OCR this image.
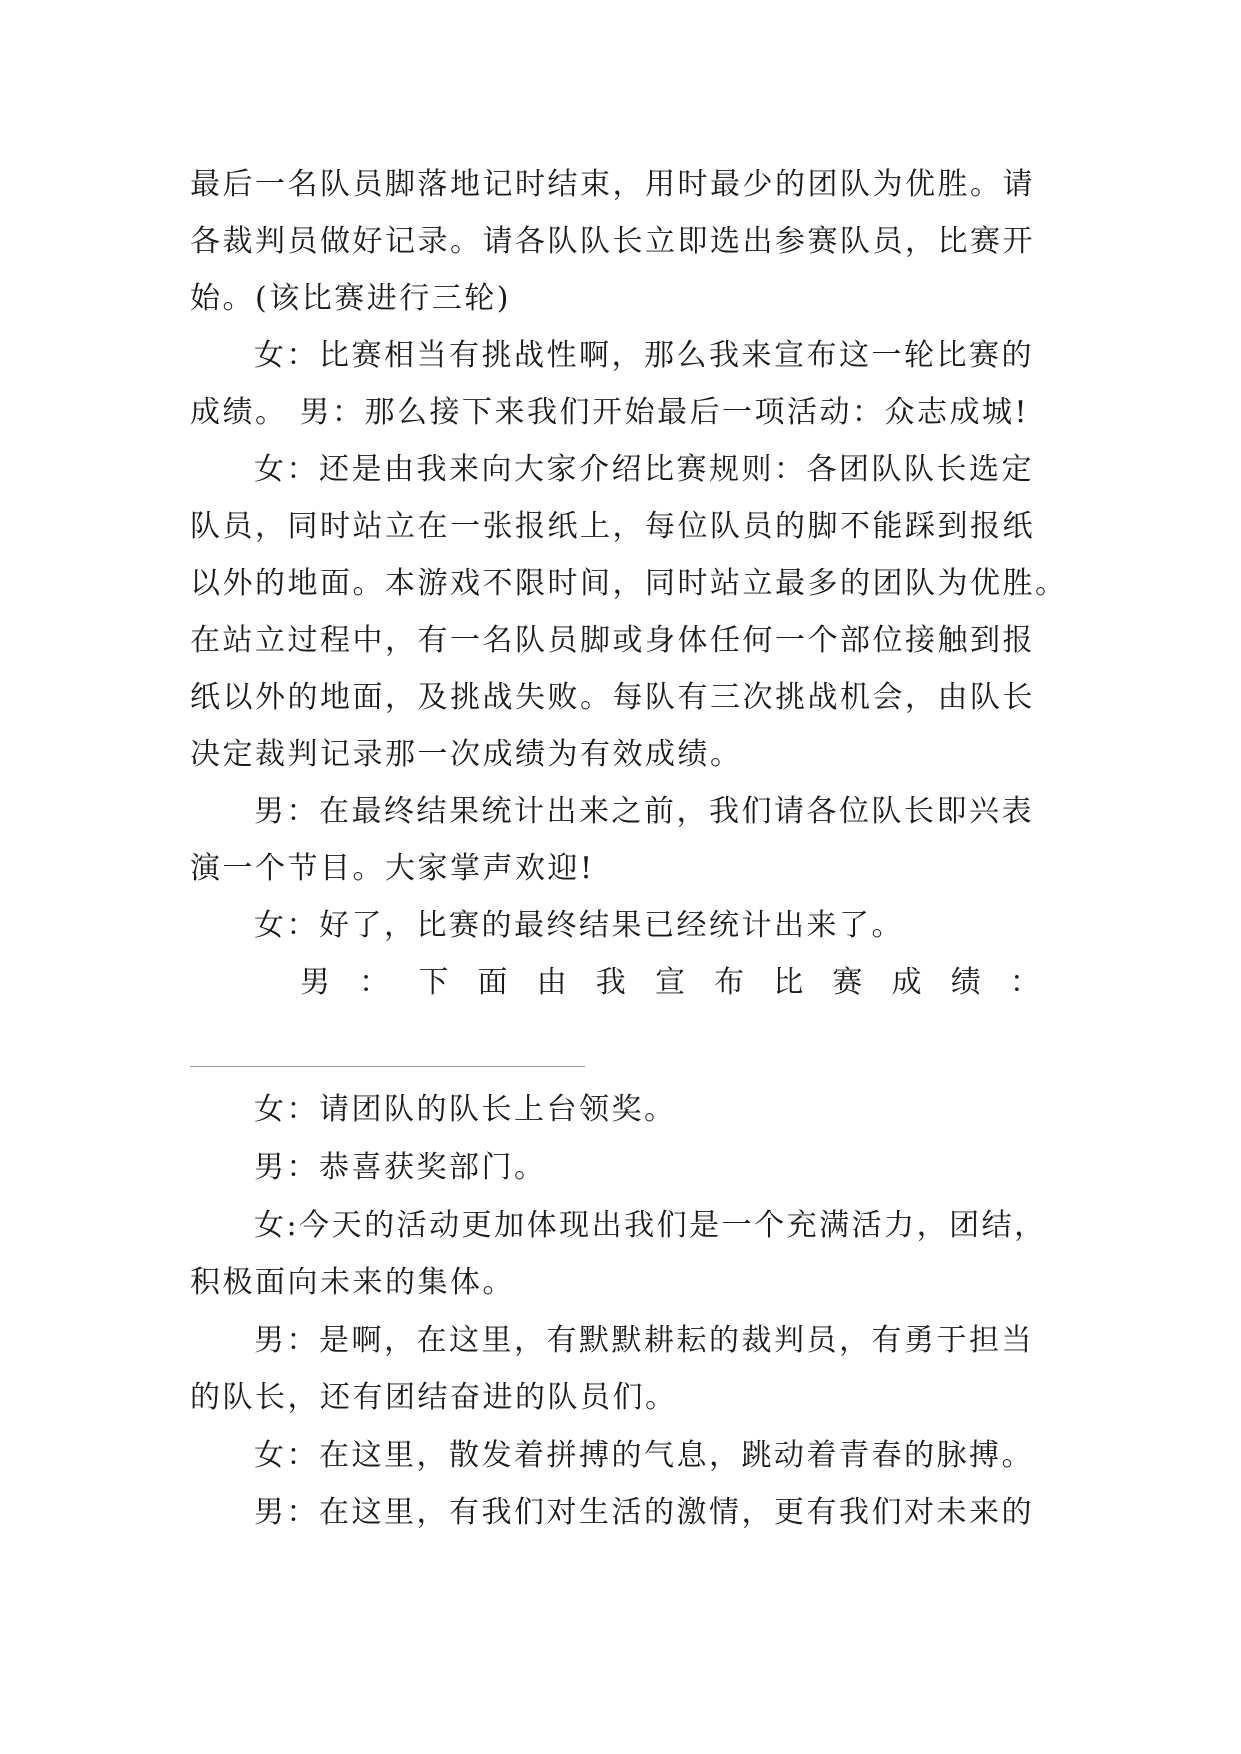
最后一名队员脚落地记时结束，用时最少的团队为优胜。请
各裁判员做好记录。请各队队长立即选出参赛队员，比赛开
始。(该比赛进行三轮)
女：比赛相当有挑战性啊，那么我来宣布这一轮比赛的
成绩。 男：那么接下来我们开始最后一项活动：众志成城!
女：还是由我来向大家介绍比赛规则：各团队队长选定
队员，同时站立在一张报纸上，每位队员的脚不能踩到报纸
以外的地面。本游戏不限时间，同时站立最多的团队为优胜。
在站立过程中，有一名队员脚或身体任何一个部位接触到报
纸以外的地面，及挑战失败。每队有三次挑战机会，由队长
决定裁判记录那一次成绩为有效成绩。
男：在最终结果统计出来之前，我们请各位队长即兴表
演一个节目。大家掌声欢迎!
女：好了，比赛的最终结果已经统计出来了。
男 ： 下 面 由 我 宣 布 比 赛 成 绩 ：
女：请团队的队长上台领奖。
男：恭喜获奖部门。
女:今天的活动更加体现出我们是一个充满活力，团结，
积极面向未来的集体。
男：是啊，在这里，有默默耕耘的裁判员，有勇于担当
的队长，还有团结奋进的队员们。
女：在这里，散发着拼搏的气息，跳动着青春的脉搏。
男：在这里，有我们对生活的激情，更有我们对未来的
